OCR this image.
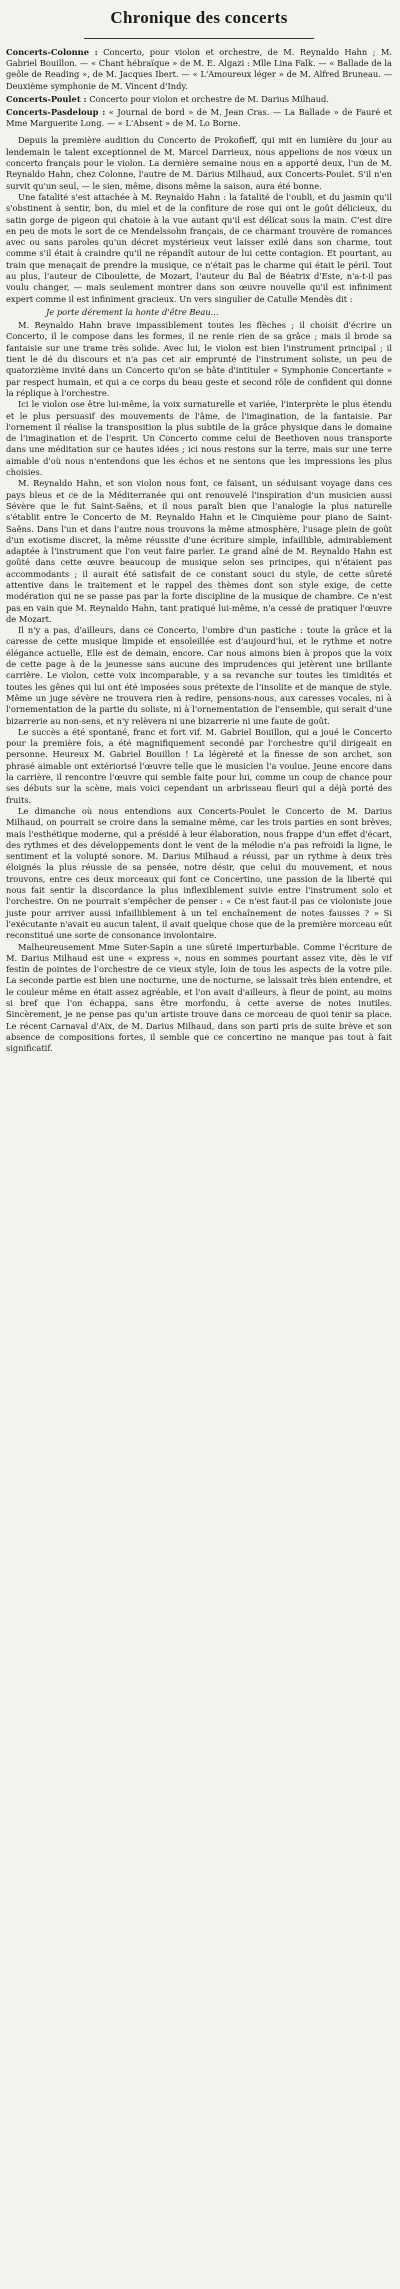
Chronique des concerts

Concerts-Colonne : Concerto, pour violon et orchestre, de M. Reynaldo Hahn ; M. Gabriel Bouillon. — « Chant hébraïque » de M. E. Algazi : Mlle Lina Falk. — « Ballade de la geôle de Reading », de M. Jacques Ibert. — « L'Amoureux léger » de M. Alfred Bruneau. — Deuxième symphonie de M. Vincent d'Indy.

Concerts-Poulet : Concerto pour violon et orchestre de M. Darius Milhaud.

Concerts-Pasdeloup : « Journal de bord » de M. Jean Cras. — La Ballade » de Fauré et Mme Marguerite Long. — « L'Absent » de M. Lo Borne.

Depuis la première audition du Concerto de Prokofieff, qui mit en lumière du jour au lendemain le talent exceptionnel de M. Marcel Darrieux, nous appelions de nos vœux un concerto français pour le violon. La dernière semaine nous en a apporté deux, l'un de M. Reynaldo Hahn, chez Colonne, l'autre de M. Darius Milhaud, aux Concerts-Poulet. S'il n'en survit qu'un seul, — le sien, même, disons même la saison, aura été bonne.

Une fatalité s'est attachée à M. Reynaldo Hahn : la fatalité de l'oubli, et du jasmin qu'il s'obstinent à sentir, bon, du miel et de la confiture de rose qui ont le goût délicieux, du satin gorge de pigeon qui chatoie à la vue autant qu'il est délicat sous la main. C'est dire en peu de mots le sort de ce Mendelssohn français, de ce charmant trouvère de romances avec ou sans paroles qu'un décret mystérieux veut laisser exilé dans son charme, tout comme s'il était à craindre qu'il ne répandît autour de lui cette contagion. Et pourtant, au train que menaçait de prendre la musique, ce n'était pas le charme qui était le péril. Tout au plus, l'auteur de Ciboulette, de Mozart, l'auteur du Bal de Béatrix d'Este, n'a-t-il pas voulu changer, — mais seulement montrer dans son œuvre nouvelle qu'il est infiniment expert comme il est infiniment gracieux. Un vers singulier de Catulle Mendès dit :

Je porte dérement la honte d'être Beau...

M. Reynaldo Hahn brave impassiblement toutes les flèches ; il choisit d'écrire un Concerto, il le compose dans les formes, il ne renie rien de sa grâce ; mais il brode sa fantaisie sur une trame très solide. Avec lui, le violon est bien l'instrument principal ; il tient le dé du discours et n'a pas cet air emprunté de l'instrument soliste, un peu de quatorzième invité dans un Concerto qu'on se hâte d'intituler « Symphonie Concertante » par respect humain, et qui a ce corps du beau geste et second rôle de confident qui donne la réplique à l'orchestre.

Ici le violon ose être lui-même, la voix surnaturelle et variée, l'interprète le plus étendu et le plus persuasif des mouvements de l'âme, de l'imagination, de la fantaisie. Par l'ornement il réalise la transposition la plus subtile de la grâce physique dans le domaine de l'imagination et de l'esprit. Un Concerto comme celui de Beethoven nous transporte dans une méditation sur ce hautes idées ; ici nous restons sur la terre, mais sur une terre aimable d'où nous n'entendons que les échos et ne sentons que les impressions les plus choisies.

M. Reynaldo Hahn, et son violon nous font, ce faisant, un séduisant voyage dans ces pays bleus et ce de la Méditerranée qui ont renouvelé l'inspiration d'un musicien aussi Sévère que le fut Saint-Saëns, et il nous paraît bien que l'analogie la plus naturelle s'établit entre le Concerto de M. Reynaldo Hahn et le Cinquième pour piano de Saint-Saëns. Dans l'un et dans l'autre nous trouvons la même atmosphère, l'usage plein de goût d'un exotisme discret, la même réussite d'une écriture simple, infaillible, admirablement adaptée à l'instrument que l'on veut faire parler. Le grand aîné de M. Reynaldo Hahn est goûté dans cette œuvre beaucoup de musique selon ses principes, qui n'étaient pas accommodants ; il aurait été satisfait de ce constant souci du style, de cette sûreté attentive dans le traitement et le rappel des thèmes dont son style exige, de cette modération qui ne se passe pas par la forte discipline de la musique de chambre. Ce n'est pas en vain que M. Reynaldo Hahn, tant pratiqué lui-même, n'a cessé de pratiquer l'œuvre de Mozart.

Il n'y a pas, d'ailleurs, dans ce Concerto, l'ombre d'un pastiche : toute la grâce et la caresse de cette musique limpide et ensoleillée est d'aujourd'hui, et le rythme et notre élégance actuelle, Elle est de demain, encore. Car nous aimons bien à propos que la voix de cette page à de la jeunesse sans aucune des imprudences qui jetèrent une brillante carrière. Le violon, cette voix incomparable, y a sa revanche sur toutes les timidités et toutes les gênes qui lui ont été imposées sous prétexte de l'insolite et de manque de style. Même un juge sévère ne trouvera rien à redire, pensons-nous, aux caresses vocales, ni à l'ornementation de la partie du soliste, ni à l'ornementation de l'ensemble, qui serait d'une bizarrerie au non-sens, et n'y relèvera ni une bizarrerie ni une faute de goût.

Le succès a été spontané, franc et fort vif. M. Gabriel Bouillon, qui a joué le Concerto pour la première fois, a été magnifiquement secondé par l'orchestre qu'il dirigeait en personne. Heureux M. Gabriel Bouillon ! La légèreté et la finesse de son archet, son phrasé aimable ont extériorisé l'œuvre telle que le musicien l'a voulue. Jeune encore dans la carrière, il rencontre l'œuvre qui semble faite pour lui, comme un coup de chance pour ses débuts sur la scène, mais voici cependant un arbrisseau fleuri qui a déjà porté des fruits.

Le dimanche où nous entendions aux Concerts-Poulet le Concerto de M. Darius Milhaud, on pourrait se croire dans la semaine même, car les trois parties en sont brèves, mais l'esthétique moderne, qui a présidé à leur élaboration, nous frappe d'un effet d'écart, des rythmes et des développements dont le vent de la mélodie n'a pas refroidi la ligne, le sentiment et la volupté sonore. M. Darius Milhaud a réussi, par un rythme à deux très éloignés la plus réussie de sa pensée, notre désir, que celui du mouvement, et nous trouvons, entre ces deux morceaux qui font ce Concertino, une passion de la liberté qui nous fait sentir la discordance la plus inflexiblement suivie entre l'instrument solo et l'orchestre. On ne pourrait s'empêcher de penser : « Ce n'est faut-il pas ce violoniste joue juste pour arriver aussi infailliblement à un tel enchaînement de notes fausses ? » Si l'exécutante n'avait eu aucun talent, il avait quelque chose que de la première morceau eût reconstitué une sorte de consonance involontaire.

Malheureusement Mme Suter-Sapin a une sûreté imperturbable. Comme l'écriture de M. Darius Milhaud est une « express », nous en sommes pourtant assez vite, dès le vif festin de pointes de l'orchestre de ce vieux style, loin de tous les aspects de la votre pile. La seconde partie est bien une nocturne, une de nocturne, se laissait très bien entendre, et le couleur même en était assez agréable, et l'on avait d'ailleurs, à fleur de point, au moins si bref que l'on échappa, sans être morfondu, à cette averse de notes inutiles. Sincèrement, je ne pense pas qu'un artiste trouve dans ce morceau de quoi tenir sa place. Le récent Carnaval d'Aix, de M. Darius Milhaud, dans son parti pris de suite brève et son absence de compositions fortes, il semble que ce concertino ne manque pas tout à fait significatif.
